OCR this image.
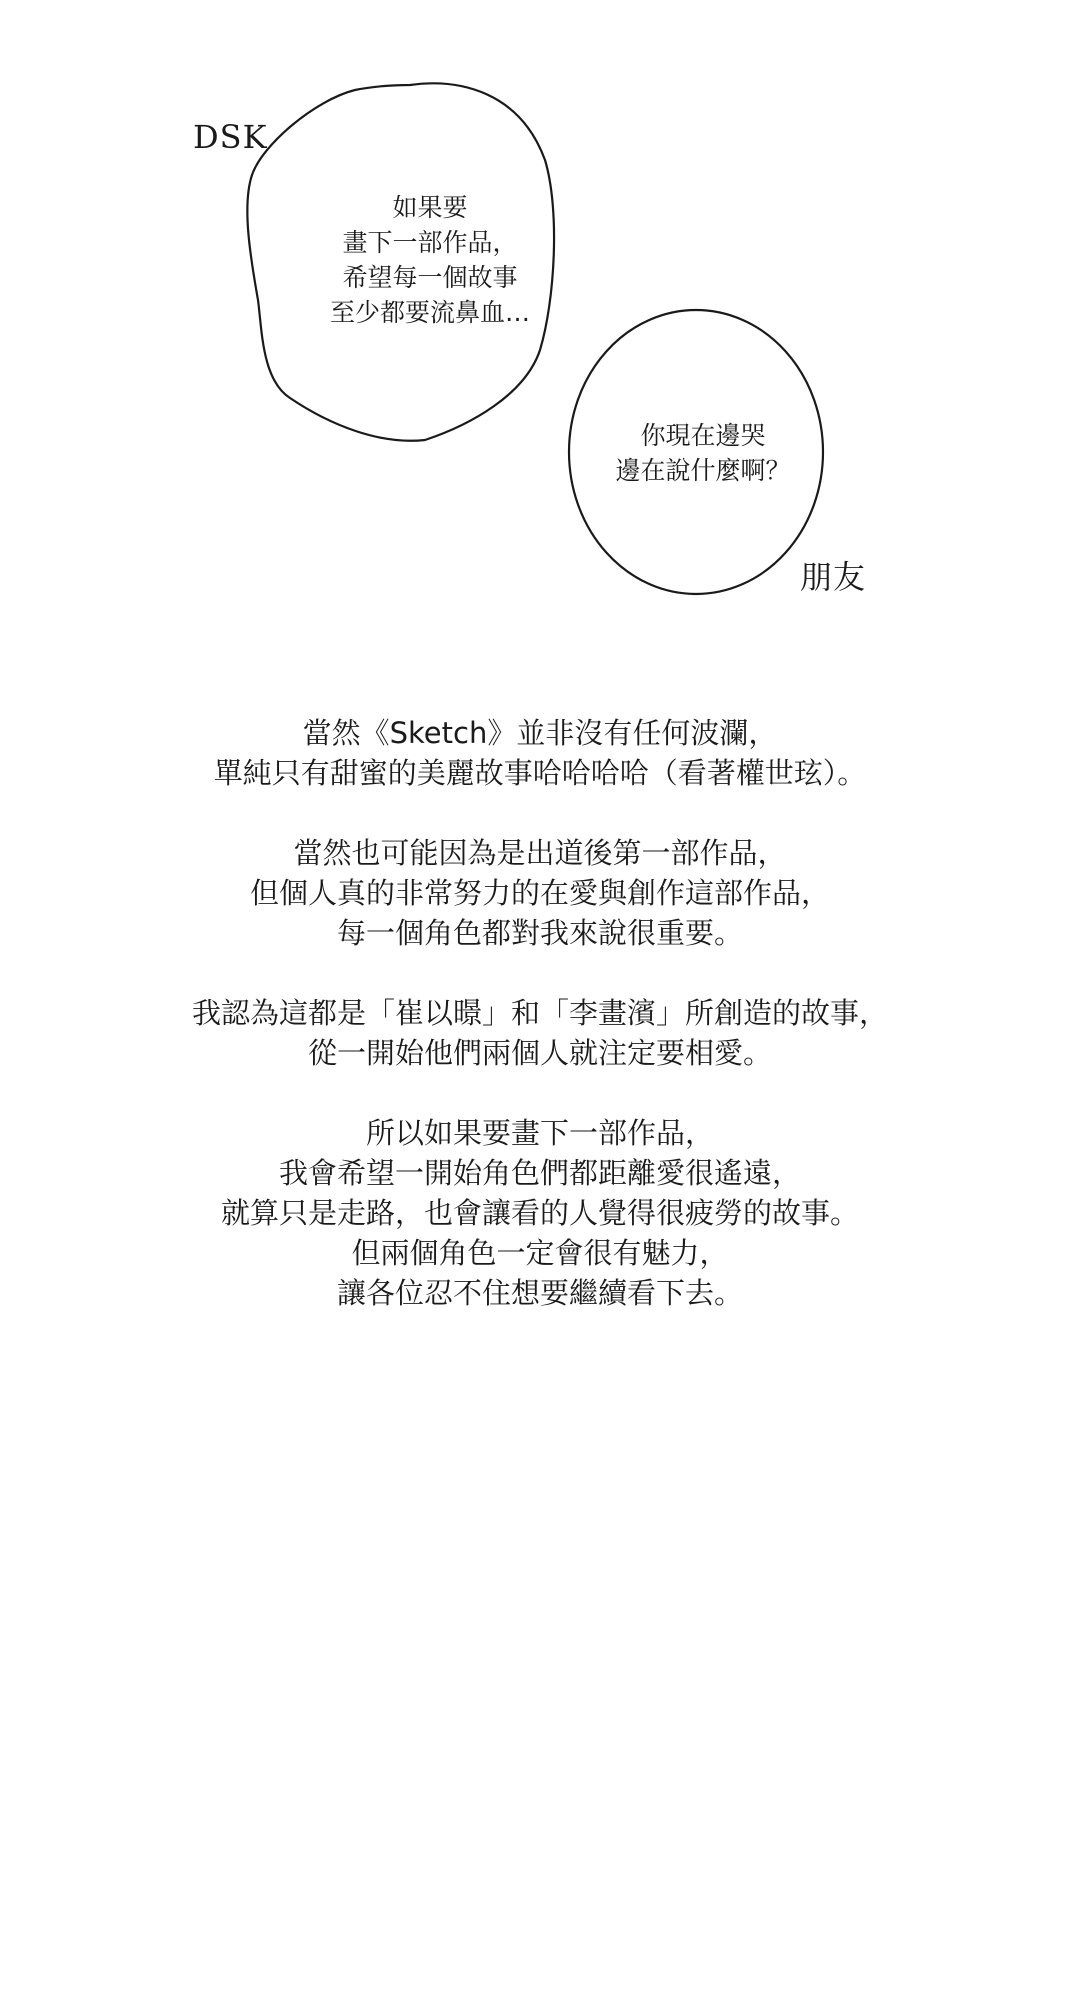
DSK
朋友
如果要
畫下一部作品，
希望每一個故事
至少都要流鼻血…
你現在邊哭
邊在說什麼啊？
當然《Sketch》並非沒有任何波瀾，
單純只有甜蜜的美麗故事哈哈哈哈（看著權世玹）。
當然也可能因為是出道後第一部作品，
但個人真的非常努力的在愛與創作這部作品，
每一個角色都對我來說很重要。
我認為這都是「崔以暻」和「李畫濱」所創造的故事，
從一開始他們兩個人就注定要相愛。
所以如果要畫下一部作品，
我會希望一開始角色們都距離愛很遙遠，
就算只是走路，也會讓看的人覺得很疲勞的故事。
但兩個角色一定會很有魅力，
讓各位忍不住想要繼續看下去。
